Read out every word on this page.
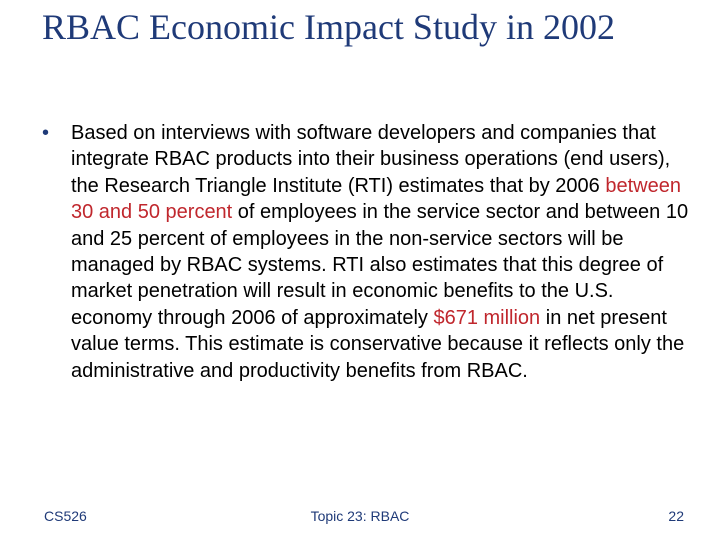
RBAC Economic Impact Study in 2002
• Based on interviews with software developers and companies that integrate RBAC products into their business operations (end users), the Research Triangle Institute (RTI) estimates that by 2006 between 30 and 50 percent of employees in the service sector and between 10 and 25 percent of employees in the non-service sectors will be managed by RBAC systems. RTI also estimates that this degree of market penetration will result in economic benefits to the U.S. economy through 2006 of approximately $671 million in net present value terms. This estimate is conservative because it reflects only the administrative and productivity benefits from RBAC.
CS526	Topic 23: RBAC	22
